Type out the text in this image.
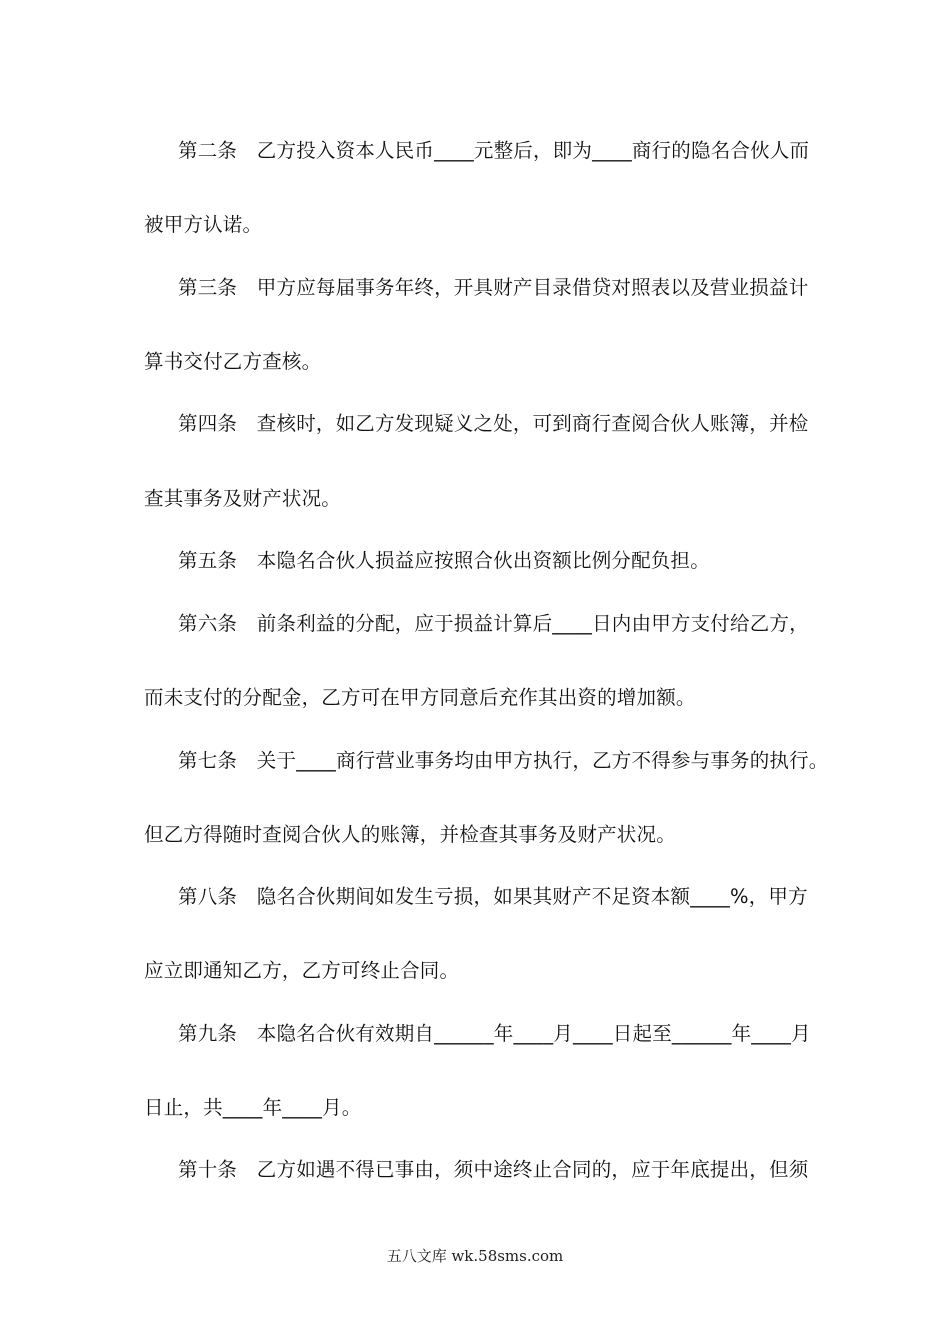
第二条　乙方投入资本人民币____元整后，即为____商行的隐名合伙人而
被甲方认诺。
第三条　甲方应每届事务年终，开具财产目录借贷对照表以及营业损益计
算书交付乙方查核。
第四条　查核时，如乙方发现疑义之处，可到商行查阅合伙人账簿，并检
查其事务及财产状况。
第五条　本隐名合伙人损益应按照合伙出资额比例分配负担。
第六条　前条利益的分配，应于损益计算后____日内由甲方支付给乙方，
而未支付的分配金，乙方可在甲方同意后充作其出资的增加额。
第七条　关于____商行营业事务均由甲方执行，乙方不得参与事务的执行。
但乙方得随时查阅合伙人的账簿，并检查其事务及财产状况。
第八条　隐名合伙期间如发生亏损，如果其财产不足资本额____%，甲方
应立即通知乙方，乙方可终止合同。
第九条　本隐名合伙有效期自______年____月____日起至______年____月
日止，共____年____月。
第十条　乙方如遇不得已事由，须中途终止合同的，应于年底提出，但须
五八文库 wk.58sms.com
